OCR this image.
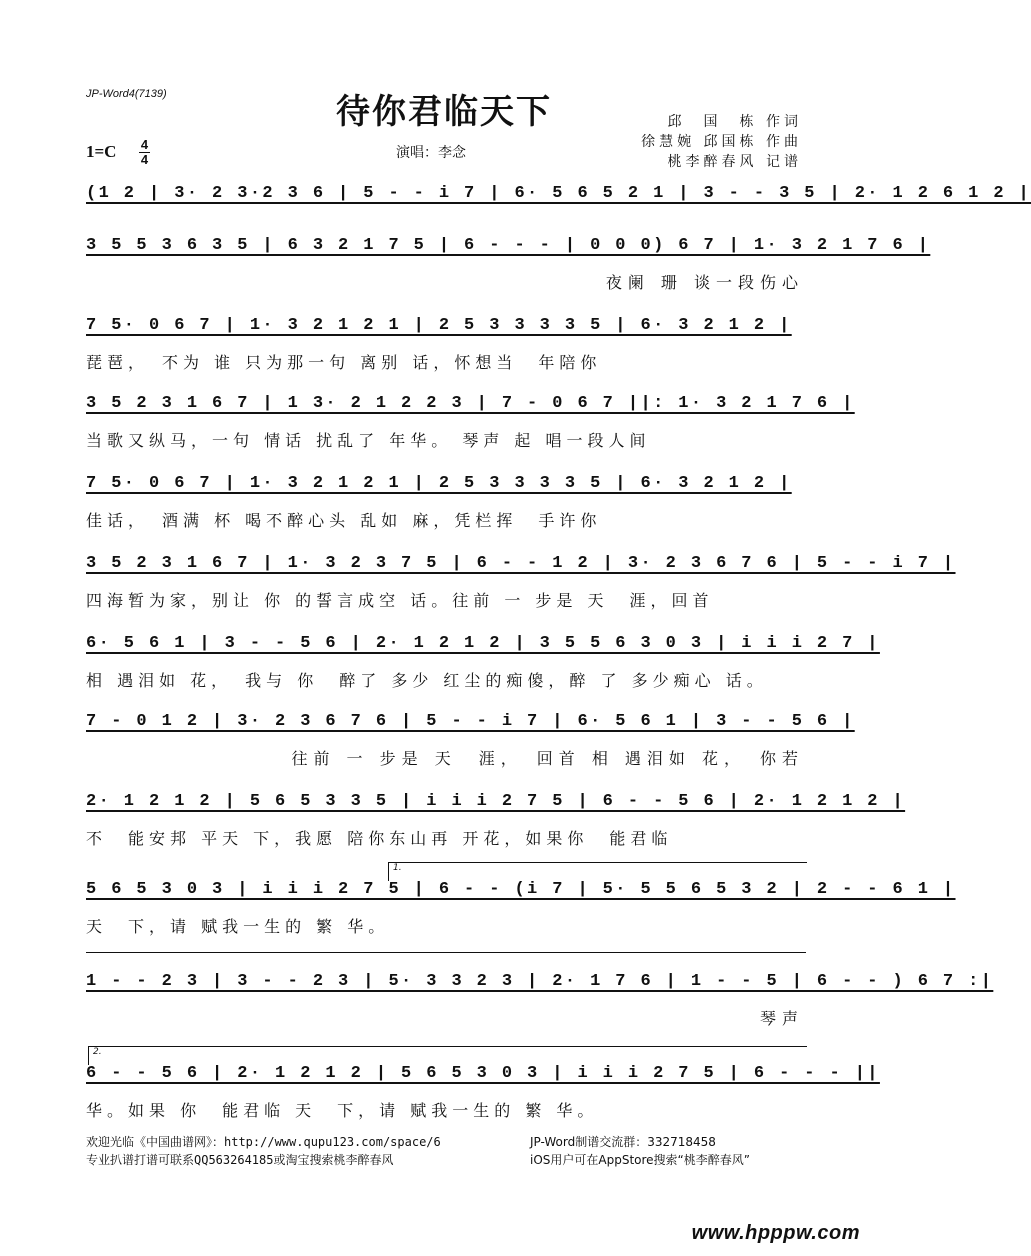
JP-Word4(7139)	待你君临天下	邱　国　栋 作词
徐慧婉 邱国栋 作曲
桃李醉春风 记谱
1=C 4
4	演唱：李念
(1 2 | 3· 2 3·2 3 6 | 5 - - i 7 | 6· 5 6 5 2 1 | 3 - - 3 5 | 2· 1 2 6 1 2 |
3 5 5 3 6 3 5 | 6 3 2 1 7 5 | 6 - - - | 0 0 0) 6 7 | 1· 3 2 1 7 6 |
夜阑 珊 谈一段伤心
7 5· 0 6 7 | 1· 3 2 1 2 1 | 2 5 3 3 3 3 5 | 6· 3 2 1 2 |
琵琶，　不为 谁 只为那一句 离别 话，怀想当　年陪你
3 5 2 3 1 6 7 | 1 3· 2 1 2 2 3 | 7 - 0 6 7 ||: 1· 3 2 1 7 6 |
当歌又纵马，一句 情话 扰乱了 年华。 琴声 起 唱一段人间
7 5· 0 6 7 | 1· 3 2 1 2 1 | 2 5 3 3 3 3 5 | 6· 3 2 1 2 |
佳话，　酒满 杯 喝不醉心头 乱如 麻，凭栏挥　手许你
3 5 2 3 1 6 7 | 1· 3 2 3 7 5 | 6 - - 1 2 | 3· 2 3 6 7 6 | 5 - - i 7 |
四海暂为家，别让 你 的誓言成空 话。往前 一 步是 天　涯，回首
6· 5 6 1 | 3 - - 5 6 | 2· 1 2 1 2 | 3 5 5 6 3 0 3 | i i i 2 7 |
相 遇泪如 花，　我与 你　醉了 多少 红尘的痴傻，醉 了 多少痴心 话。
7 - 0 1 2 | 3· 2 3 6 7 6 | 5 - - i 7 | 6· 5 6 1 | 3 - - 5 6 |
往前 一 步是 天　涯，　回首 相 遇泪如 花，　你若
2· 1 2 1 2 | 5 6 5 3 3 5 | i i i 2 7 5 | 6 - - 5 6 | 2· 1 2 1 2 |
不　能安邦 平天 下，我愿 陪你东山再 开花，如果你　能君临
1.
5 6 5 3 0 3 | i i i 2 7 5 | 6 - - (i 7 | 5· 5 5 6 5 3 2 | 2 - - 6 1 |
天　下，请 赋我一生的 繁 华。
1 - - 2 3 | 3 - - 2 3 | 5· 3 3 2 3 | 2· 1 7 6 | 1 - - 5 | 6 - - ) 6 7 :|
琴声
2.
6 - - 5 6 | 2· 1 2 1 2 | 5 6 5 3 0 3 | i i i 2 7 5 | 6 - - - ||
华。如果 你　能君临 天　下，请 赋我一生的 繁 华。
欢迎光临《中国曲谱网》：http://www.qupu123.com/space/6
专业扒谱打谱可联系QQ563264185或淘宝搜索桃李醉春风
JP-Word制谱交流群：332718458
iOS用户可在AppStore搜索“桃李醉春风”
www.hpppw.com
